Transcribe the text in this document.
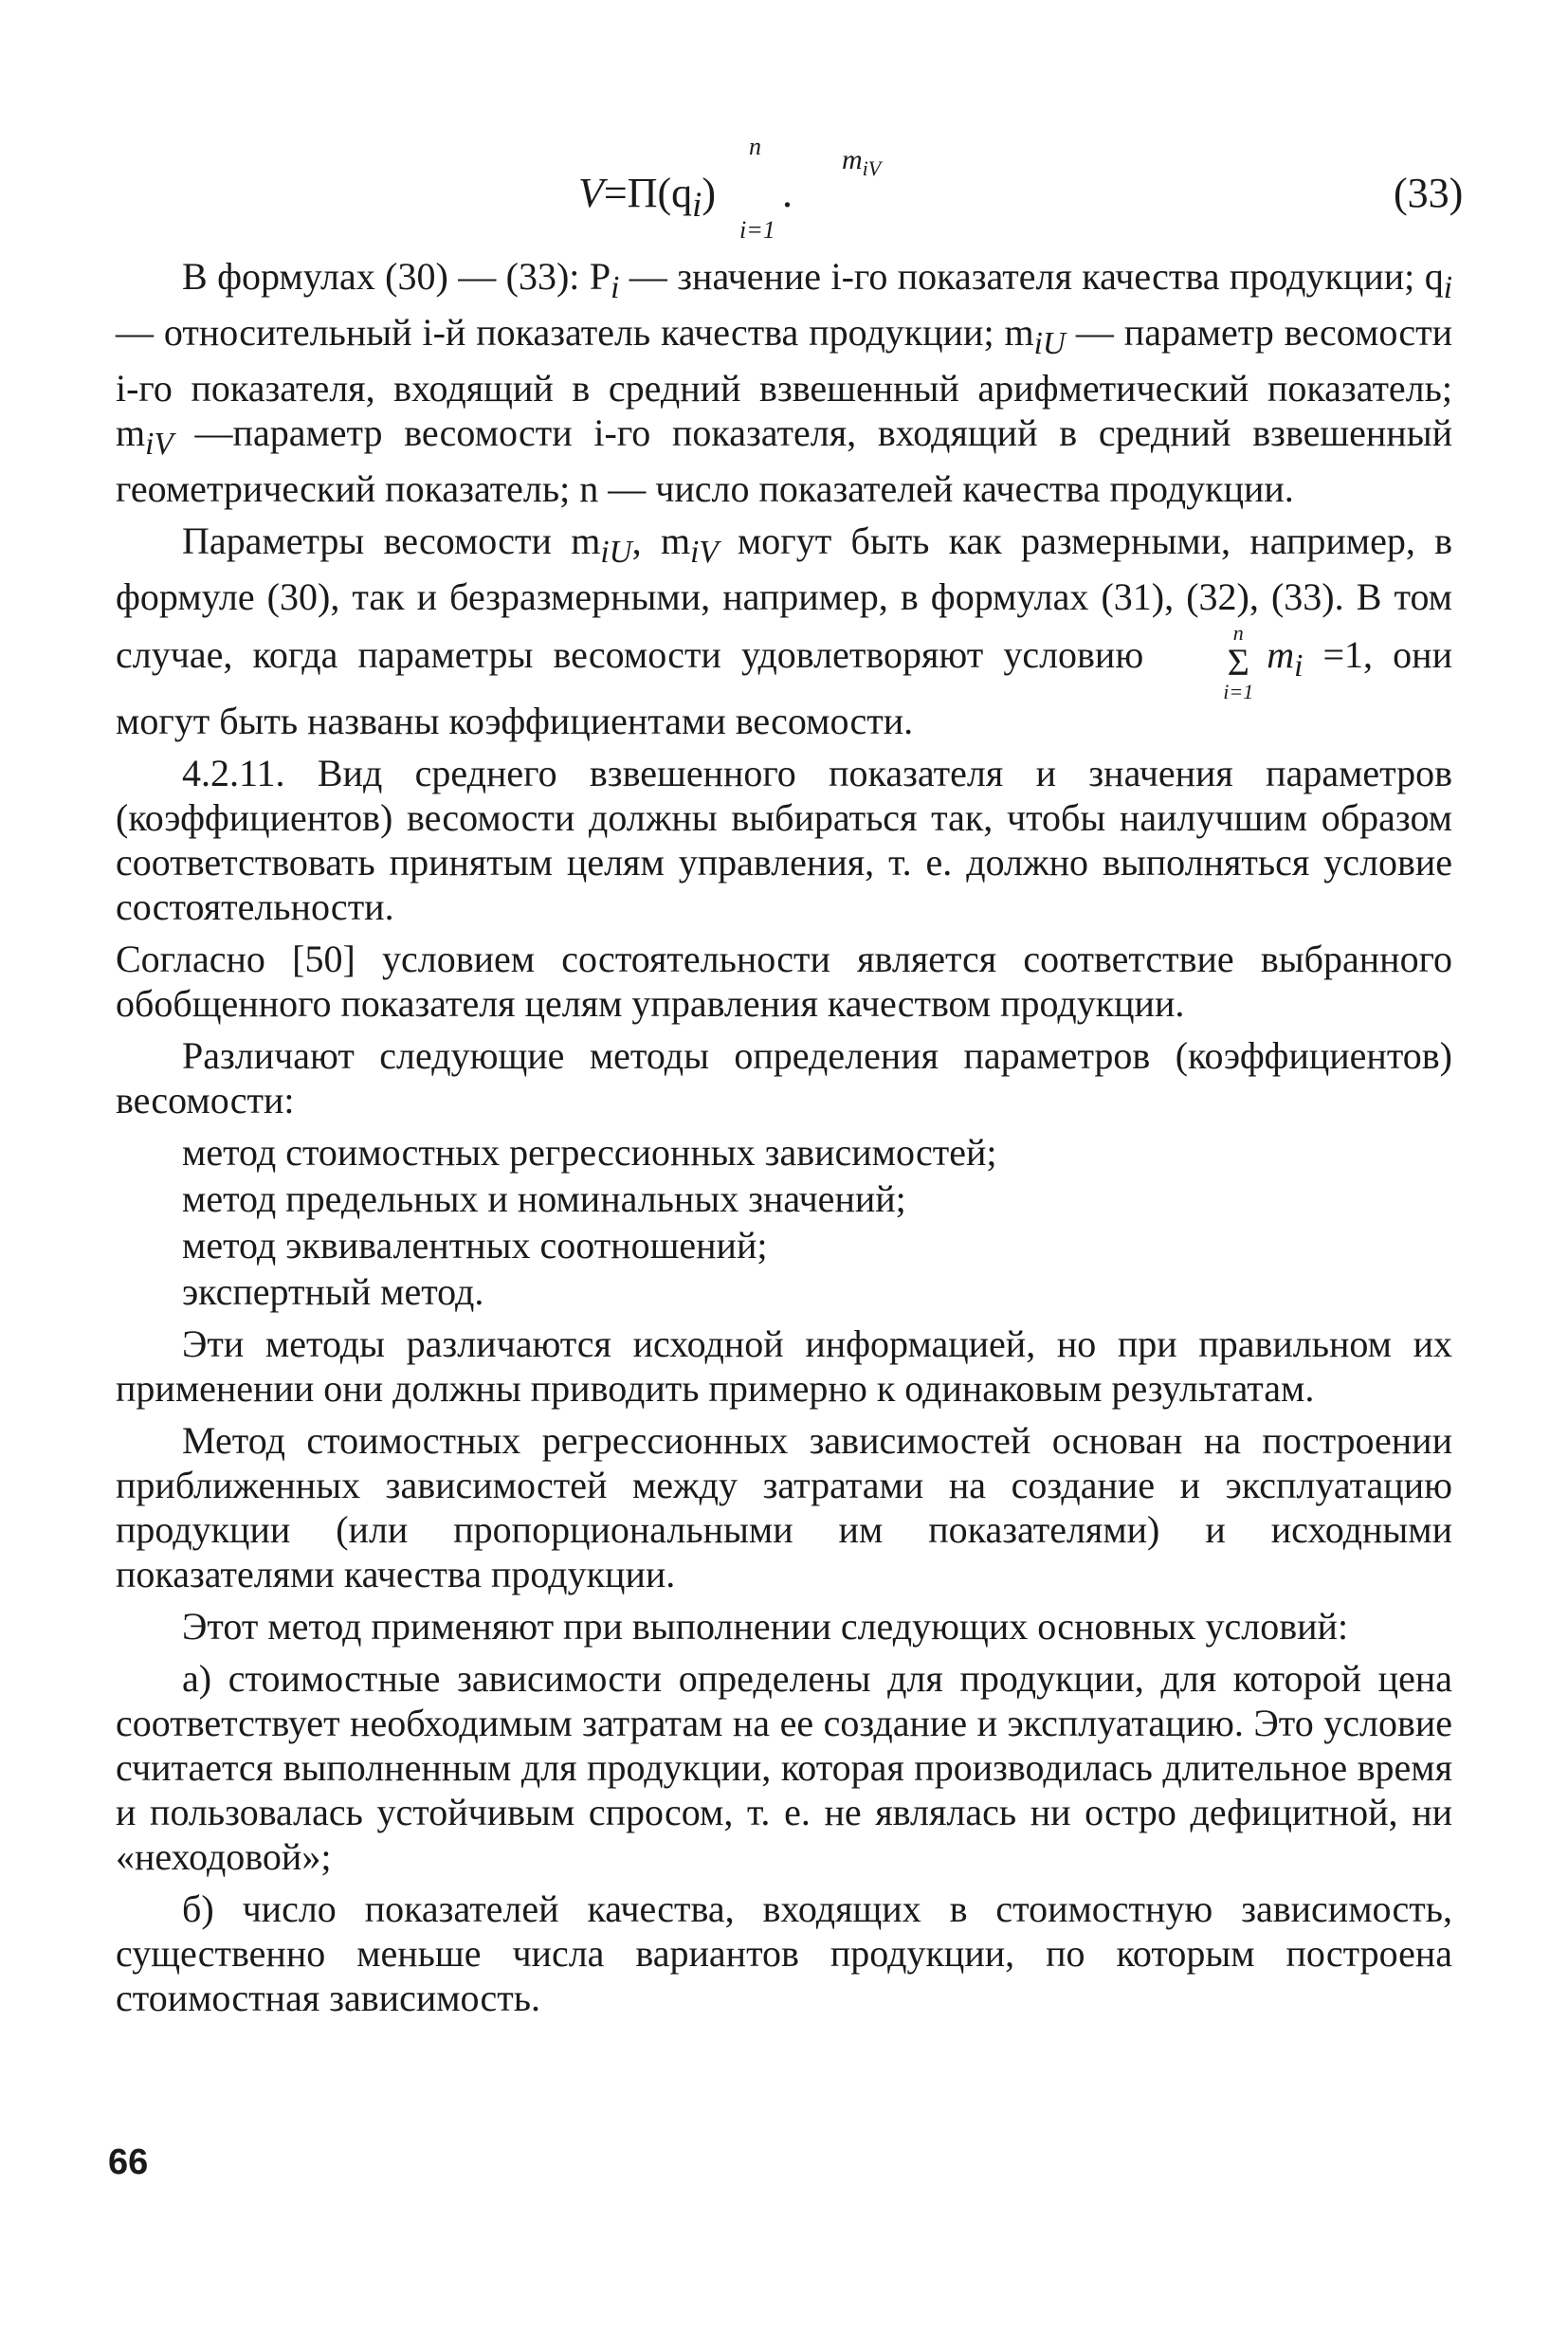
n
$V=\Pi(q_i)$ .
$m_{iV}$
i=1
(33)

В формулах (30) — (33): $P_i$ — значение i-го показателя качества продукции; $q_i$ — относительный i-й показатель качества продукции; $m_{iU}$ — параметр весомости i-го показателя, входящий в средний взвешенный арифметический показатель; $m_{iV}$ —параметр весомости i-го показателя, входящий в средний взвешенный геометрический показатель; n — число показателей качества продукции.

Параметры весомости $m_{iU}$, $m_{iV}$ могут быть как размерными, например, в формуле (30), так и безразмерными, например, в формулах (31), (32), (33). В том случае, когда параметры весомости удовлетворяют условию
n
Σ
i=1
$m_i =1$, они могут быть названы коэффициентами весомости.

4.2.11. Вид среднего взвешенного показателя и значения параметров (коэффициентов) весомости должны выбираться так, чтобы наилучшим образом соответствовать принятым целям управления, т. е. должно выполняться условие состоятельности.

Согласно [50] условием состоятельности является соответствие выбранного обобщенного показателя целям управления качеством продукции.

Различают следующие методы определения параметров (коэффициентов) весомости:

метод стоимостных регрессионных зависимостей;

метод предельных и номинальных значений;

метод эквивалентных соотношений;

экспертный метод.

Эти методы различаются исходной информацией, но при правильном их применении они должны приводить примерно к одинаковым результатам.

Метод стоимостных регрессионных зависимостей основан на построении приближенных зависимостей между затратами на создание и эксплуатацию продукции (или пропорциональными им показателями) и исходными показателями качества продукции.

Этот метод применяют при выполнении следующих основных условий:

а) стоимостные зависимости определены для продукции, для которой цена соответствует необходимым затратам на ее создание и эксплуатацию. Это условие считается выполненным для продукции, которая производилась длительное время и пользовалась устойчивым спросом, т. е. не являлась ни остро дефицитной, ни «неходовой»;

б) число показателей качества, входящих в стоимостную зависимость, существенно меньше числа вариантов продукции, по которым построена стоимостная зависимость.

66
